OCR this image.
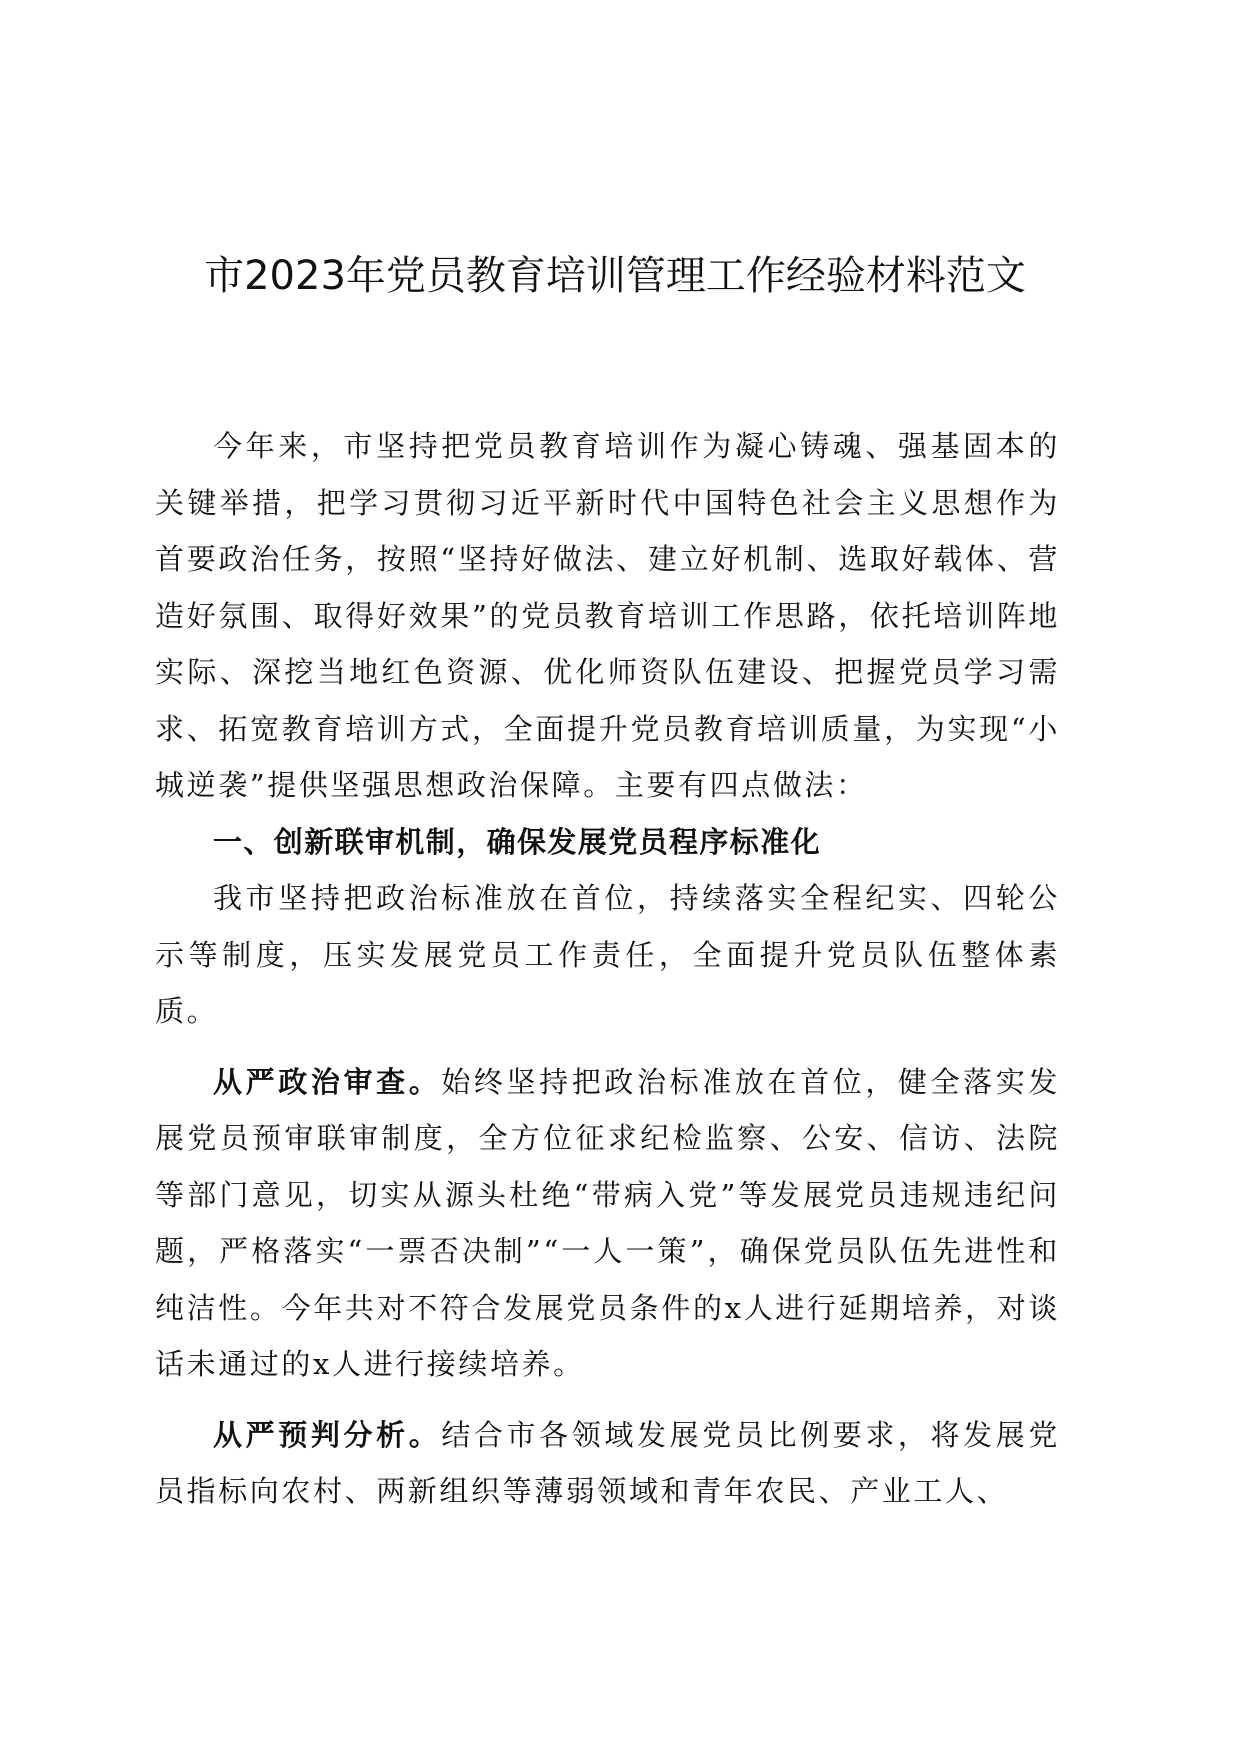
市2023年党员教育培训管理工作经验材料范文

今年来，市坚持把党员教育培训作为凝心铸魂、强基固本的关键举措，把学习贯彻习近平新时代中国特色社会主义思想作为首要政治任务，按照“坚持好做法、建立好机制、选取好载体、营造好氛围、取得好效果”的党员教育培训工作思路，依托培训阵地实际、深挖当地红色资源、优化师资队伍建设、把握党员学习需求、拓宽教育培训方式，全面提升党员教育培训质量，为实现“小城逆袭”提供坚强思想政治保障。主要有四点做法：

一、创新联审机制，确保发展党员程序标准化

我市坚持把政治标准放在首位，持续落实全程纪实、四轮公示等制度，压实发展党员工作责任，全面提升党员队伍整体素质。

从严政治审查。始终坚持把政治标准放在首位，健全落实发展党员预审联审制度，全方位征求纪检监察、公安、信访、法院等部门意见，切实从源头杜绝“带病入党”等发展党员违规违纪问题，严格落实“一票否决制”“一人一策”，确保党员队伍先进性和纯洁性。今年共对不符合发展党员条件的x人进行延期培养，对谈话未通过的x人进行接续培养。

从严预判分析。结合市各领域发展党员比例要求，将发展党员指标向农村、两新组织等薄弱领域和青年农民、产业工人、
